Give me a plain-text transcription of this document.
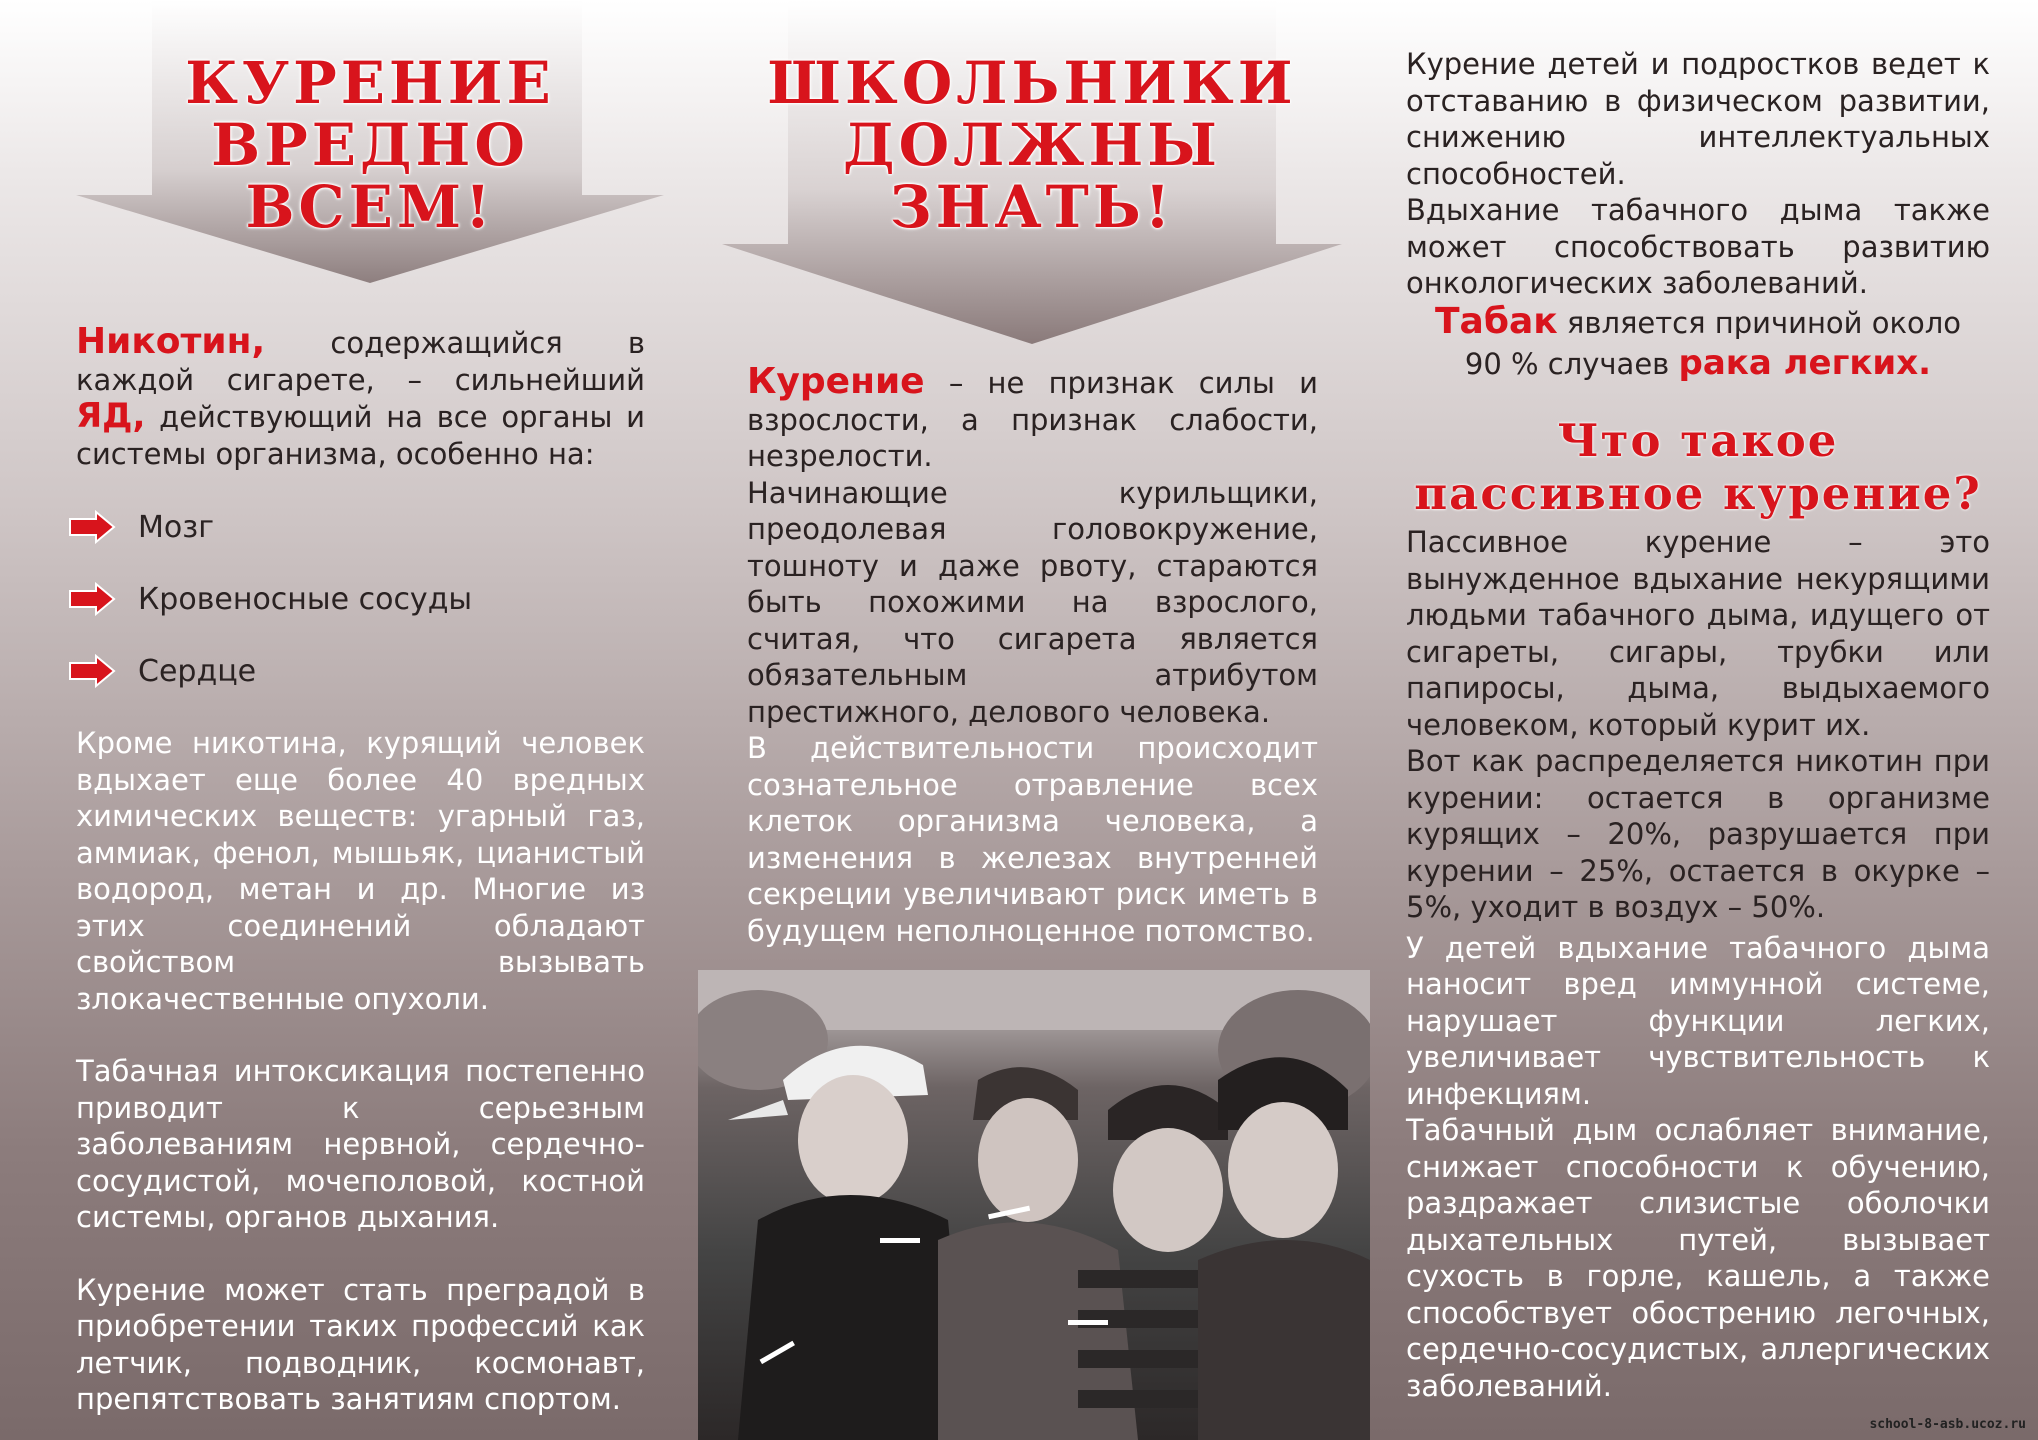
КУРЕНИЕ
ВРЕДНО
ВСЕМ!
ШКОЛЬНИКИ
ДОЛЖНЫ
ЗНАТЬ!
Никотин, содержащийся в каждой сигарете, – сильнейший ЯД, действующий на все органы и системы организма, особенно на:
Мозг
Кровеносные сосуды
Сердце

Кроме никотина, курящий человек вдыхает еще более 40 вредных химических веществ: угарный газ, аммиак, фенол, мышьяк, цианистый водород, метан и др. Многие из этих соединений обладают свойством вызывать злокачественные опухоли.

Табачная интоксикация постепенно приводит к серьезным заболеваниям нервной, сердечно-сосудистой, мочеполовой, костной системы, органов дыхания.

Курение может стать преградой в приобретении таких профессий как летчик, подводник, космонавт, препятствовать занятиям спортом.

Курение – не признак силы и взрослости, а признак слабости, незрелости.

Начинающие курильщики, преодолевая головокружение, тошноту и даже рвоту, стараются быть похожими на взрослого, считая, что сигарета является обязательным атрибутом престижного, делового человека.

В действительности происходит сознательное отравление всех клеток организма человека, а изменения в железах внутренней секреции увеличивают риск иметь в будущем неполноценное потомство.

Курение детей и подростков ведет к отставанию в физическом развитии, снижению интеллектуальных способностей.

Вдыхание табачного дыма также может способствовать развитию онкологических заболеваний.

Табак является причиной около
90 % случаев рака легких.
Что такое
пассивное курение?

Пассивное курение – это вынужденное вдыхание некурящими людьми табачного дыма, идущего от сигареты, сигары, трубки или папиросы, дыма, выдыхаемого человеком, который курит их.

Вот как распределяется никотин при курении: остается в организме курящих – 20%, разрушается при курении – 25%, остается в окурке – 5%, уходит в воздух – 50%.

У детей вдыхание табачного дыма наносит вред иммунной системе, нарушает функции легких, увеличивает чувствительность к инфекциям.

Табачный дым ослабляет внимание, снижает способности к обучению, раздражает слизистые оболочки дыхательных путей, вызывает сухость в горле, кашель, а также способствует обострению легочных, сердечно-сосудистых, аллергических заболеваний.

school-8-asb.ucoz.ru
